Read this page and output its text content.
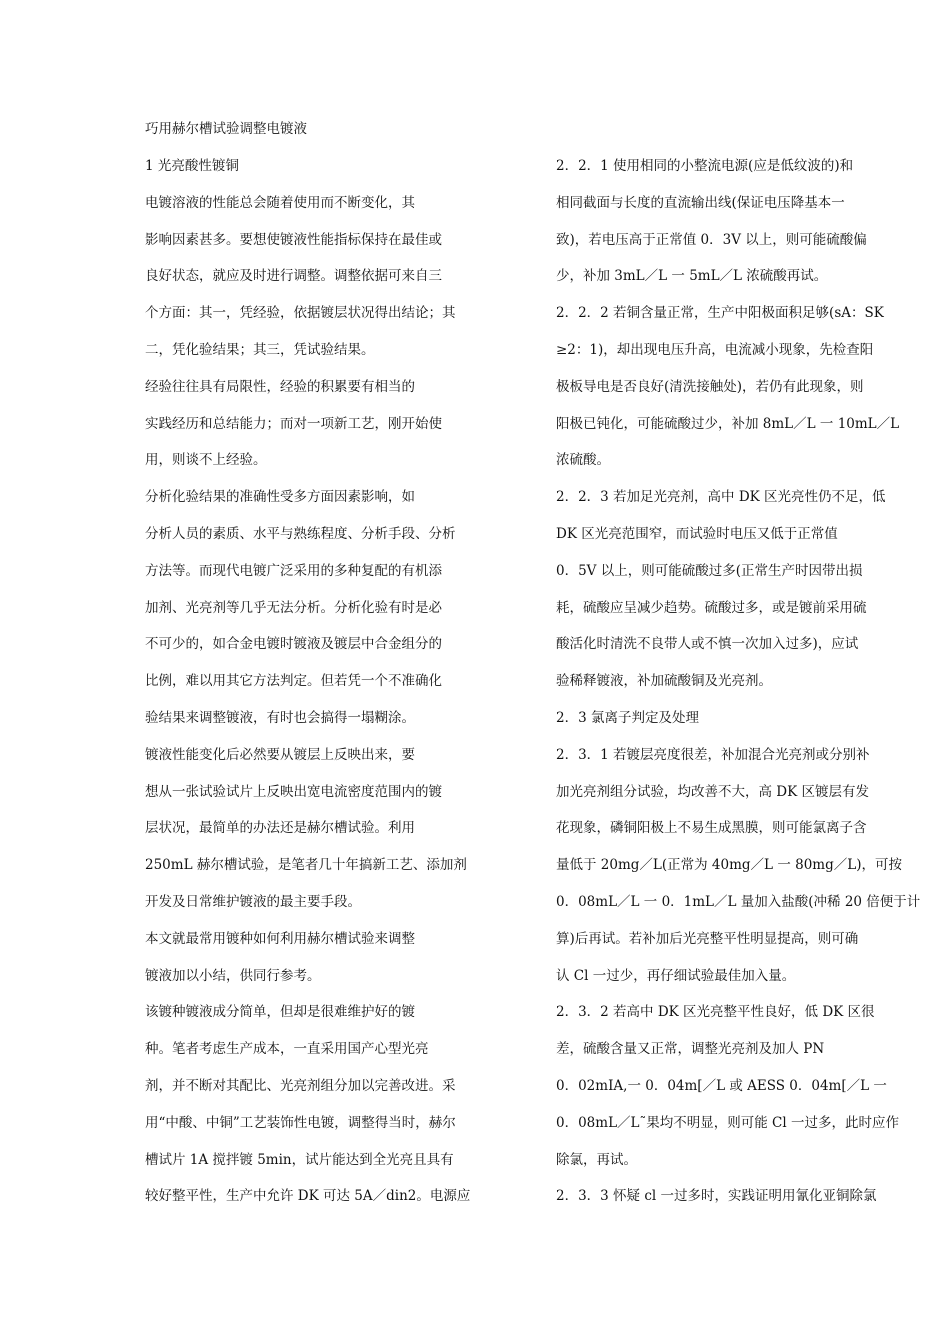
巧用赫尔槽试验调整电镀液
1 光亮酸性镀铜
电镀溶液的性能总会随着使用而不断变化，其
影响因素甚多。要想使镀液性能指标保持在最佳或
良好状态，就应及时进行调整。调整依据可来自三
个方面：其一，凭经验，依据镀层状况得出结论；其
二，凭化验结果；其三，凭试验结果。
经验往往具有局限性，经验的积累要有相当的
实践经历和总结能力；而对一项新工艺，刚开始使
用，则谈不上经验。
分析化验结果的准确性受多方面因素影响，如
分析人员的素质、水平与熟练程度、分析手段、分析
方法等。而现代电镀广泛采用的多种复配的有机添
加剂、光亮剂等几乎无法分析。分析化验有时是必
不可少的，如合金电镀时镀液及镀层中合金组分的
比例，难以用其它方法判定。但若凭一个不准确化
验结果来调整镀液，有时也会搞得一塌糊涂。
镀液性能变化后必然要从镀层上反映出来，要
想从一张试验试片上反映出宽电流密度范围内的镀
层状况，最简单的办法还是赫尔槽试验。利用
250mL 赫尔槽试验，是笔者几十年搞新工艺、添加剂
开发及日常维护镀液的最主要手段。
本文就最常用镀种如何利用赫尔槽试验来调整
镀液加以小结，供同行参考。
该镀种镀液成分简单，但却是很难维护好的镀
种。笔者考虑生产成本，一直采用国产心型光亮
剂，并不断对其配比、光亮剂组分加以完善改进。采
用“中酸、中铜”工艺装饰性电镀，调整得当时，赫尔
槽试片 1A 搅拌镀 5min，试片能达到全光亮且具有
较好整平性，生产中允许 DK 可达 5A／din2。电源应
2．2．1 使用相同的小整流电源(应是低纹波的)和
相同截面与长度的直流输出线(保证电压降基本一
致)，若电压高于正常值 0．3V 以上，则可能硫酸偏
少，补加 3mL／L 一 5mL／L 浓硫酸再试。
2．2．2 若铜含量正常，生产中阳极面积足够(sA：SK
≥2：1)，却出现电压升高，电流减小现象，先检查阳
极板导电是否良好(清洗接触处)，若仍有此现象，则
阳极已钝化，可能硫酸过少，补加 8mL／L 一 10mL／L
浓硫酸。
2．2．3 若加足光亮剂，高中 DK 区光亮性仍不足，低
DK 区光亮范围窄，而试验时电压又低于正常值
0．5V 以上，则可能硫酸过多(正常生产时因带出损
耗，硫酸应呈减少趋势。硫酸过多，或是镀前采用硫
酸活化时清洗不良带人或不慎一次加入过多)，应试
验稀释镀液，补加硫酸铜及光亮剂。
2．3 氯离子判定及处理
2．3．1 若镀层亮度很差，补加混合光亮剂或分别补
加光亮剂组分试验，均改善不大，高 DK 区镀层有发
花现象，磷铜阳极上不易生成黑膜，则可能氯离子含
量低于 20mg／L(正常为 40mg／L 一 80mg／L)，可按
0．08mL／L 一 0．1mL／L 量加入盐酸(冲稀 20 倍便于计
算)后再试。若补加后光亮整平性明显提高，则可确
认 Cl 一过少，再仔细试验最佳加入量。
2．3．2 若高中 DK 区光亮整平性良好，低 DK 区很
差，硫酸含量又正常，调整光亮剂及加人 PN
0．02mIA,一 0．04m[／L 或 AESS 0．04m[／L 一
0．08mL／L˜果均不明显，则可能 Cl 一过多，此时应作
除氯，再试。
2．3．3 怀疑 cl 一过多时，实践证明用氰化亚铜除氯
